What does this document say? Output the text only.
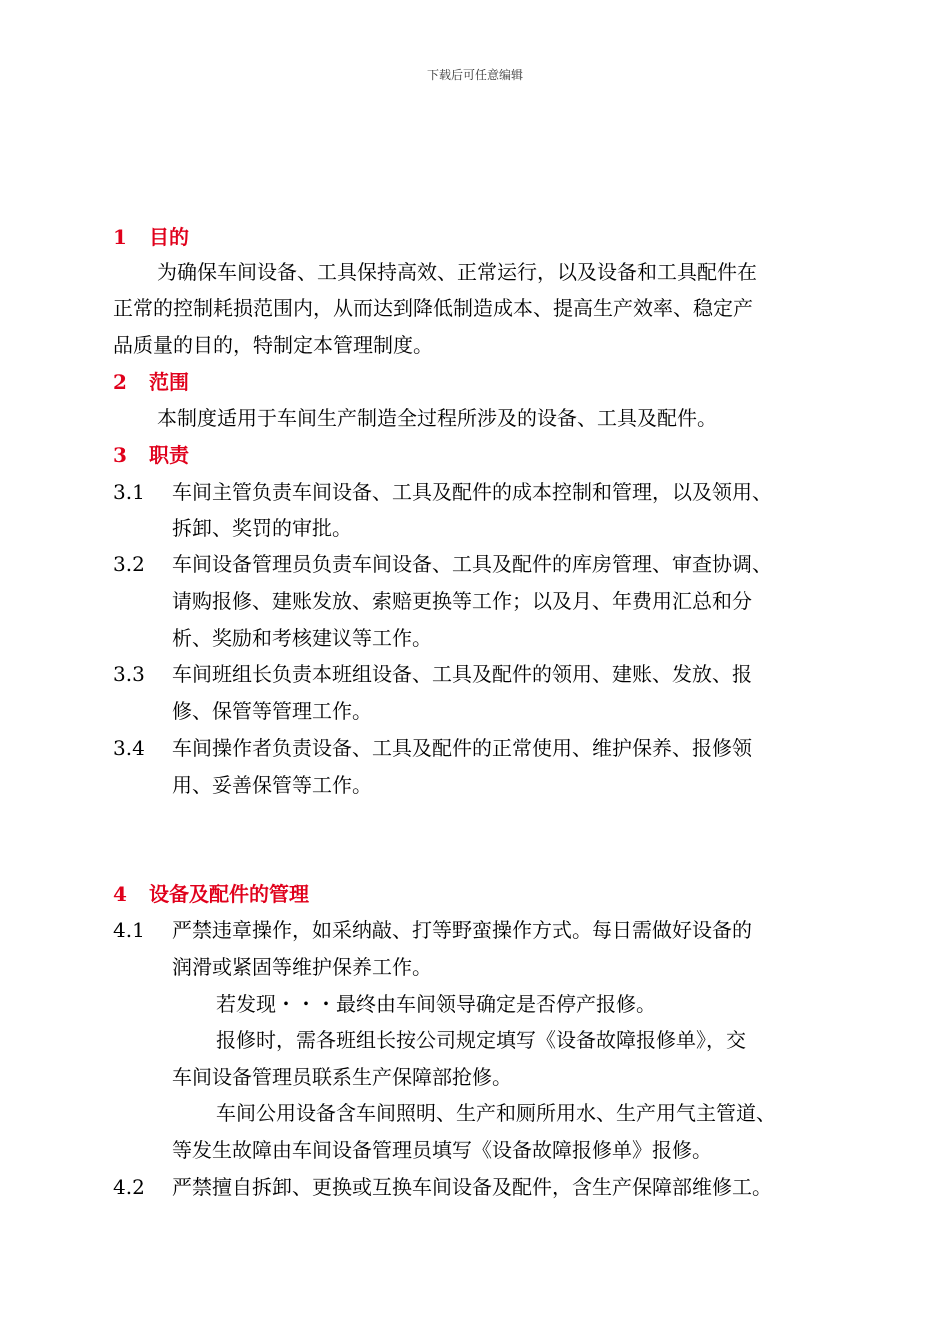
下载后可任意编辑
1 目的
为确保车间设备、工具保持高效、正常运行，以及设备和工具配件在
正常的控制耗损范围内，从而达到降低制造成本、提高生产效率、稳定产
品质量的目的，特制定本管理制度。
2 范围
本制度适用于车间生产制造全过程所涉及的设备、工具及配件。
3 职责
3.1 车间主管负责车间设备、工具及配件的成本控制和管理，以及领用、
拆卸、奖罚的审批。
3.2 车间设备管理员负责车间设备、工具及配件的库房管理、审查协调、
请购报修、建账发放、索赔更换等工作；以及月、年费用汇总和分
析、奖励和考核建议等工作。
3.3 车间班组长负责本班组设备、工具及配件的领用、建账、发放、报
修、保管等管理工作。
3.4 车间操作者负责设备、工具及配件的正常使用、维护保养、报修领
用、妥善保管等工作。
4 设备及配件的管理
4.1 严禁违章操作，如采纳敲、打等野蛮操作方式。每日需做好设备的
润滑或紧固等维护保养工作。
若发现・・・最终由车间领导确定是否停产报修。
报修时，需各班组长按公司规定填写《设备故障报修单》，交
车间设备管理员联系生产保障部抢修。
车间公用设备含车间照明、生产和厕所用水、生产用气主管道、
等发生故障由车间设备管理员填写《设备故障报修单》报修。
4.2 严禁擅自拆卸、更换或互换车间设备及配件，含生产保障部维修工。
